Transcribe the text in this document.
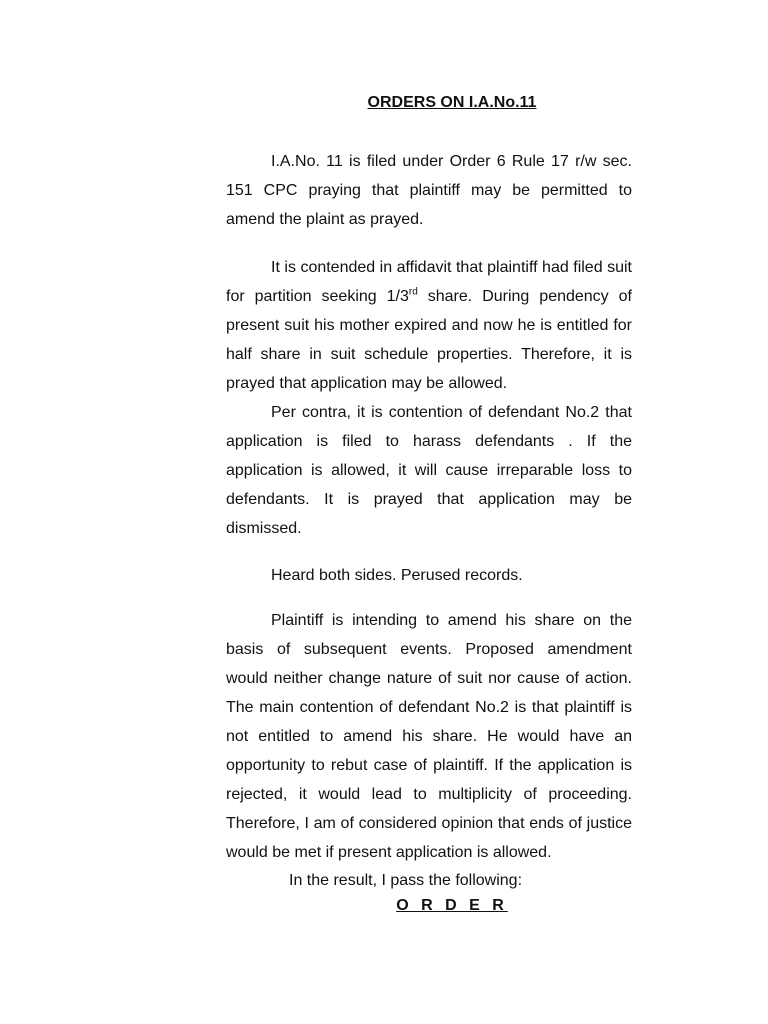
ORDERS ON I.A.No.11

I.A.No. 11 is filed under Order 6 Rule 17 r/w sec. 151 CPC praying that plaintiff may be permitted to amend the plaint as prayed.

It is contended in affidavit that plaintiff had filed suit for partition seeking 1/3rd share. During pendency of present suit his mother expired and now he is entitled for half share in suit schedule properties. Therefore, it is prayed that application may be allowed.

Per contra, it is contention of defendant No.2 that application is filed to harass defendants . If the application is allowed, it will cause irreparable loss to defendants. It is prayed that application may be dismissed.

Heard both sides. Perused records.

Plaintiff is intending to amend his share on the basis of subsequent events. Proposed amendment would neither change nature of suit nor cause of action. The main contention of defendant No.2 is that plaintiff is not entitled to amend his share. He would have an opportunity to rebut case of plaintiff. If the application is rejected, it would lead to multiplicity of proceeding. Therefore, I am of considered opinion that ends of justice would be met if present application is allowed.

In the result, I pass the following:
O R D E R
